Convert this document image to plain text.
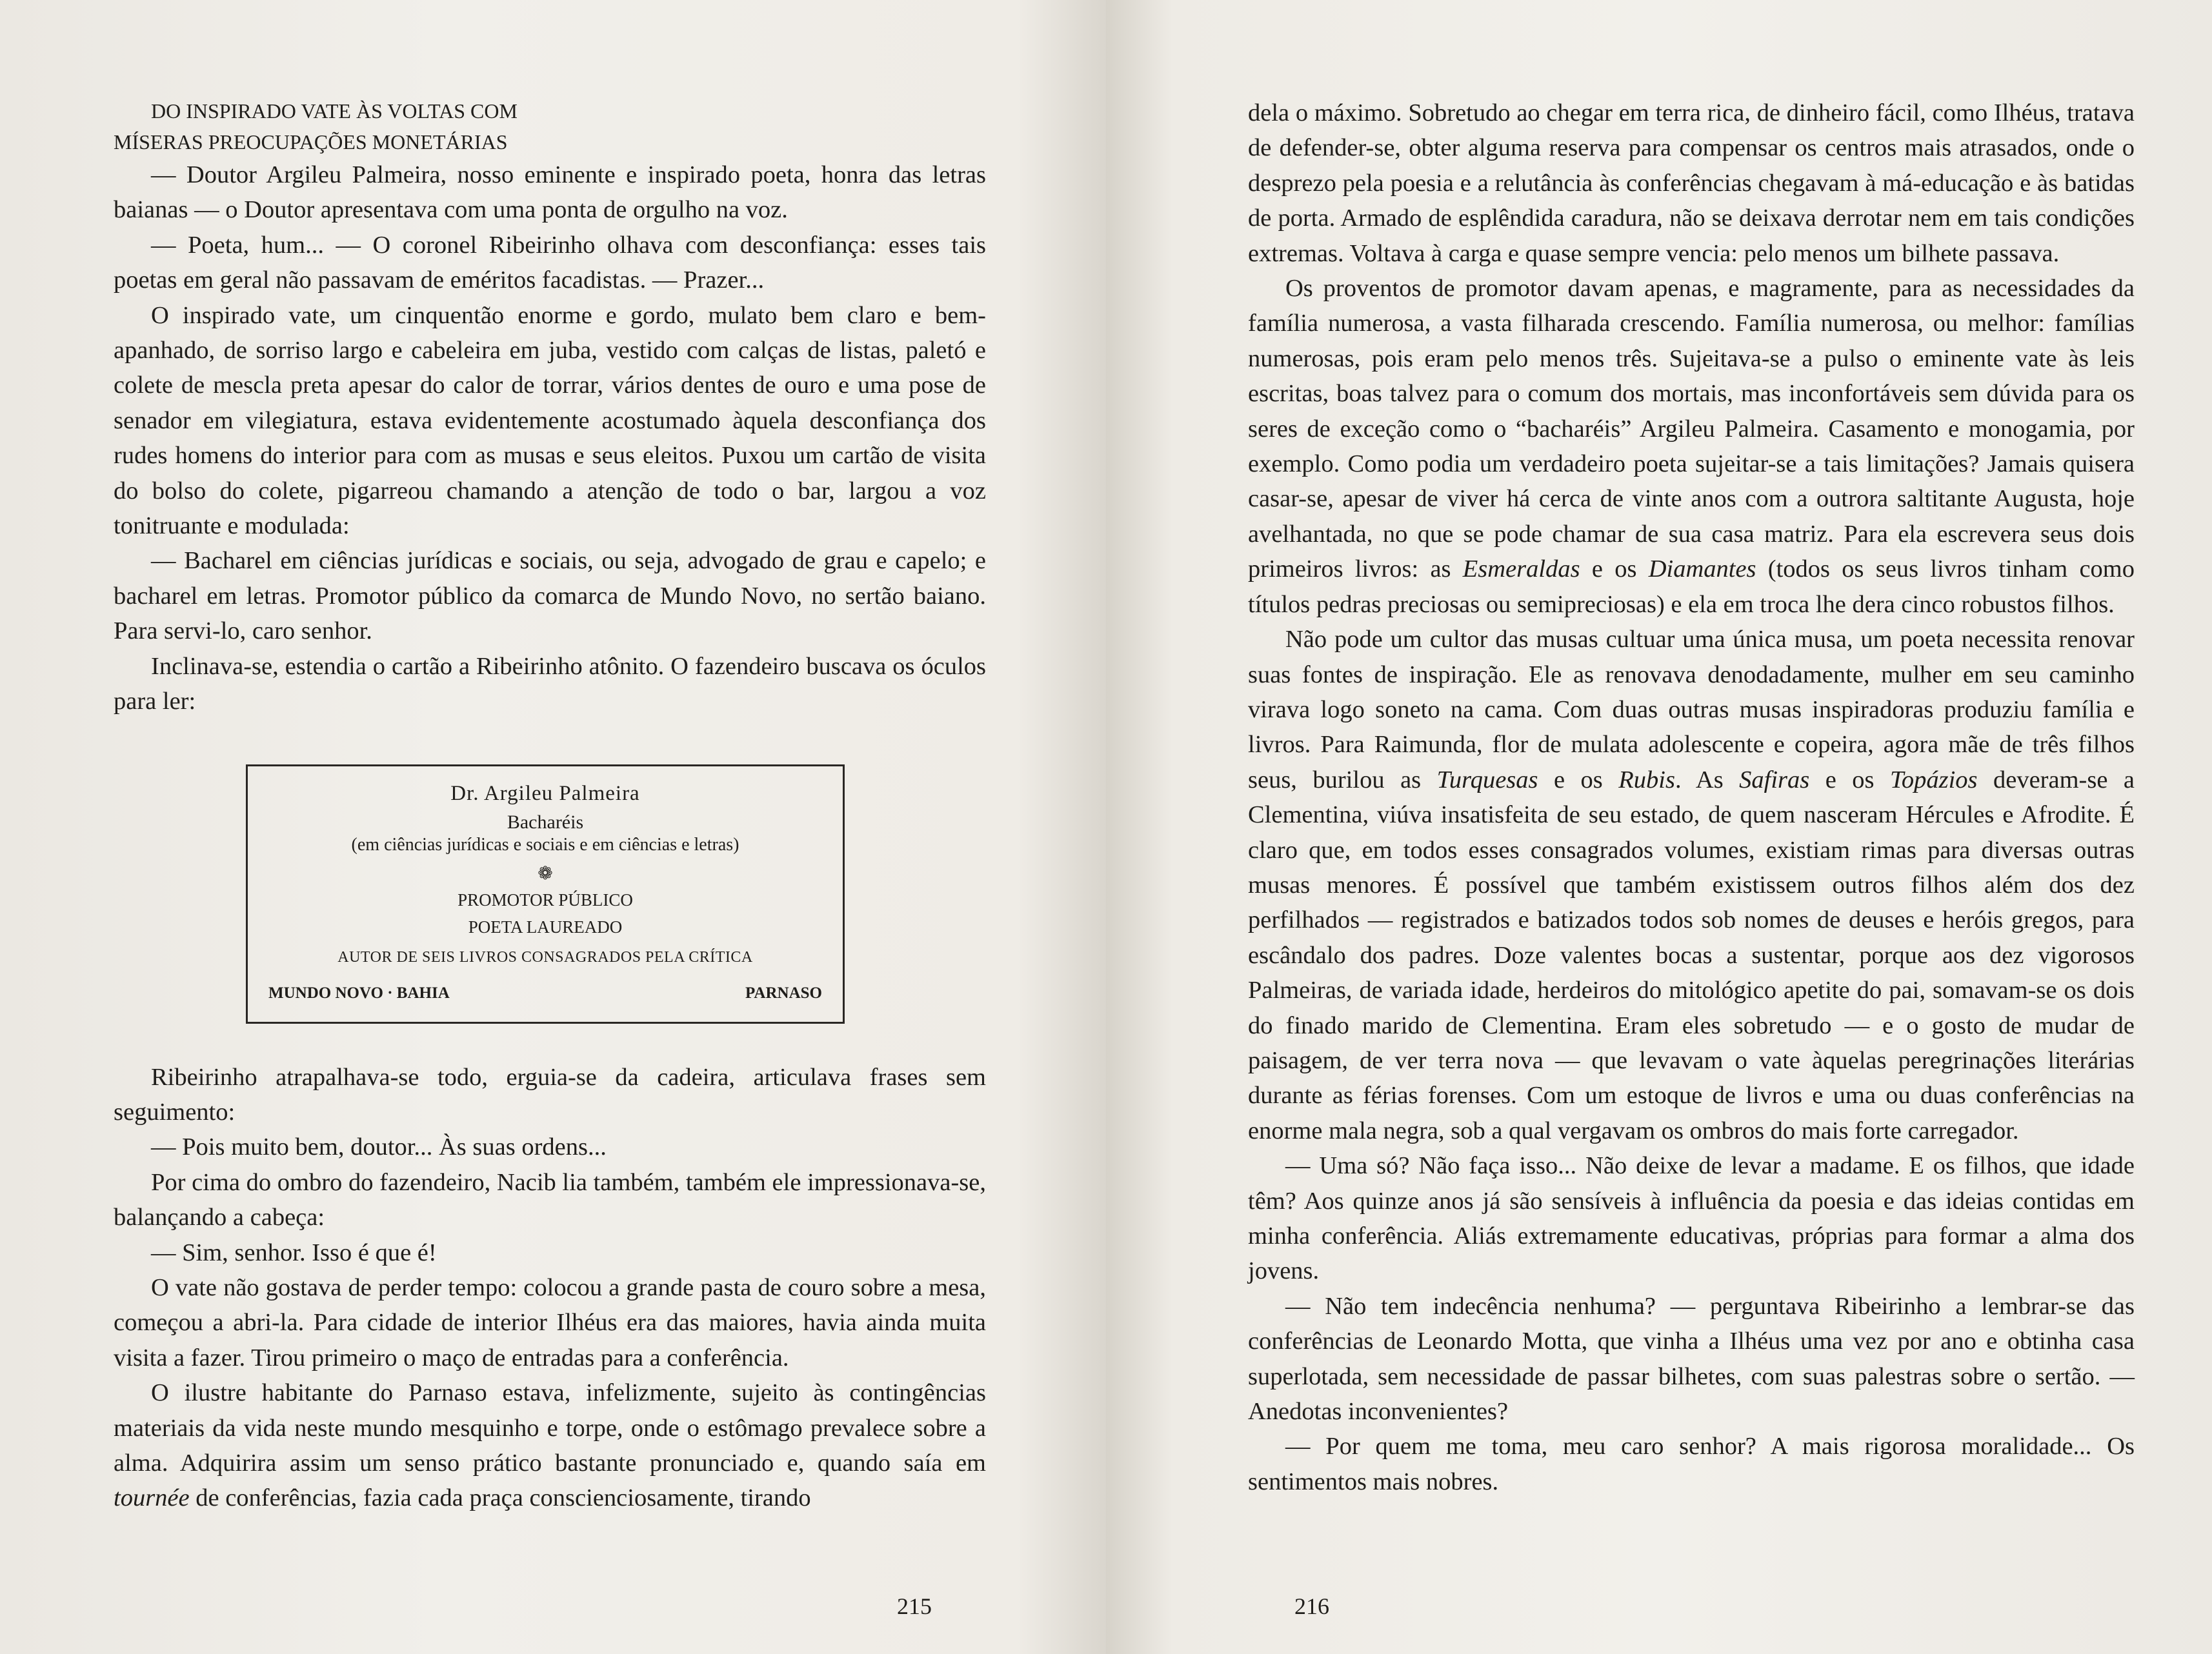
DO INSPIRADO VATE ÀS VOLTAS COM
MÍSERAS PREOCUPAÇÕES MONETÁRIAS

— Doutor Argileu Palmeira, nosso eminente e inspirado poeta, honra das letras baianas — o Doutor apresentava com uma ponta de orgulho na voz.

— Poeta, hum... — O coronel Ribeirinho olhava com desconfiança: esses tais poetas em geral não passavam de eméritos facadistas. — Prazer...

O inspirado vate, um cinquentão enorme e gordo, mulato bem claro e bem-apanhado, de sorriso largo e cabeleira em juba, vestido com calças de listas, paletó e colete de mescla preta apesar do calor de torrar, vários dentes de ouro e uma pose de senador em vilegiatura, estava evidentemente acostumado àquela desconfiança dos rudes homens do interior para com as musas e seus eleitos. Puxou um cartão de visita do bolso do colete, pigarreou chamando a atenção de todo o bar, largou a voz tonitruante e modulada:

— Bacharel em ciências jurídicas e sociais, ou seja, advogado de grau e capelo; e bacharel em letras. Promotor público da comarca de Mundo Novo, no sertão baiano. Para servi-lo, caro senhor.

Inclinava-se, estendia o cartão a Ribeirinho atônito. O fazendeiro buscava os óculos para ler:

Dr. Argileu Palmeira
Bacharéis
(em ciências jurídicas e sociais e em ciências e letras)
❁
PROMOTOR PÚBLICO
POETA LAUREADO
AUTOR DE SEIS LIVROS CONSAGRADOS PELA CRÍTICA
MUNDO NOVO · BAHIA	PARNASO

Ribeirinho atrapalhava-se todo, erguia-se da cadeira, articulava frases sem seguimento:

— Pois muito bem, doutor... Às suas ordens...

Por cima do ombro do fazendeiro, Nacib lia também, também ele impressionava-se, balançando a cabeça:

— Sim, senhor. Isso é que é!

O vate não gostava de perder tempo: colocou a grande pasta de couro sobre a mesa, começou a abri-la. Para cidade de interior Ilhéus era das maiores, havia ainda muita visita a fazer. Tirou primeiro o maço de entradas para a conferência.

O ilustre habitante do Parnaso estava, infelizmente, sujeito às contingências materiais da vida neste mundo mesquinho e torpe, onde o estômago prevalece sobre a alma. Adquirira assim um senso prático bastante pronunciado e, quando saía em tournée de conferências, fazia cada praça conscienciosamente, tirando

215

dela o máximo. Sobretudo ao chegar em terra rica, de dinheiro fácil, como Ilhéus, tratava de defender-se, obter alguma reserva para compensar os centros mais atrasados, onde o desprezo pela poesia e a relutância às conferências chegavam à má-educação e às batidas de porta. Armado de esplêndida caradura, não se deixava derrotar nem em tais condições extremas. Voltava à carga e quase sempre vencia: pelo menos um bilhete passava.

Os proventos de promotor davam apenas, e magramente, para as necessidades da família numerosa, a vasta filharada crescendo. Família numerosa, ou melhor: famílias numerosas, pois eram pelo menos três. Sujeitava-se a pulso o eminente vate às leis escritas, boas talvez para o comum dos mortais, mas inconfortáveis sem dúvida para os seres de exceção como o “bacharéis” Argileu Palmeira. Casamento e monogamia, por exemplo. Como podia um verdadeiro poeta sujeitar-se a tais limitações? Jamais quisera casar-se, apesar de viver há cerca de vinte anos com a outrora saltitante Augusta, hoje avelhantada, no que se pode chamar de sua casa matriz. Para ela escrevera seus dois primeiros livros: as Esmeraldas e os Diamantes (todos os seus livros tinham como títulos pedras preciosas ou semipreciosas) e ela em troca lhe dera cinco robustos filhos.

Não pode um cultor das musas cultuar uma única musa, um poeta necessita renovar suas fontes de inspiração. Ele as renovava denodadamente, mulher em seu caminho virava logo soneto na cama. Com duas outras musas inspiradoras produziu família e livros. Para Raimunda, flor de mulata adolescente e copeira, agora mãe de três filhos seus, burilou as Turquesas e os Rubis. As Safiras e os Topázios deveram-se a Clementina, viúva insatisfeita de seu estado, de quem nasceram Hércules e Afrodite. É claro que, em todos esses consagrados volumes, existiam rimas para diversas outras musas menores. É possível que também existissem outros filhos além dos dez perfilhados — registrados e batizados todos sob nomes de deuses e heróis gregos, para escândalo dos padres. Doze valentes bocas a sustentar, porque aos dez vigorosos Palmeiras, de variada idade, herdeiros do mitológico apetite do pai, somavam-se os dois do finado marido de Clementina. Eram eles sobretudo — e o gosto de mudar de paisagem, de ver terra nova — que levavam o vate àquelas peregrinações literárias durante as férias forenses. Com um estoque de livros e uma ou duas conferências na enorme mala negra, sob a qual vergavam os ombros do mais forte carregador.

— Uma só? Não faça isso... Não deixe de levar a madame. E os filhos, que idade têm? Aos quinze anos já são sensíveis à influência da poesia e das ideias contidas em minha conferência. Aliás extremamente educativas, próprias para formar a alma dos jovens.

— Não tem indecência nenhuma? — perguntava Ribeirinho a lembrar-se das conferências de Leonardo Motta, que vinha a Ilhéus uma vez por ano e obtinha casa superlotada, sem necessidade de passar bilhetes, com suas palestras sobre o sertão. — Anedotas inconvenientes?

— Por quem me toma, meu caro senhor? A mais rigorosa moralidade... Os sentimentos mais nobres.

216
